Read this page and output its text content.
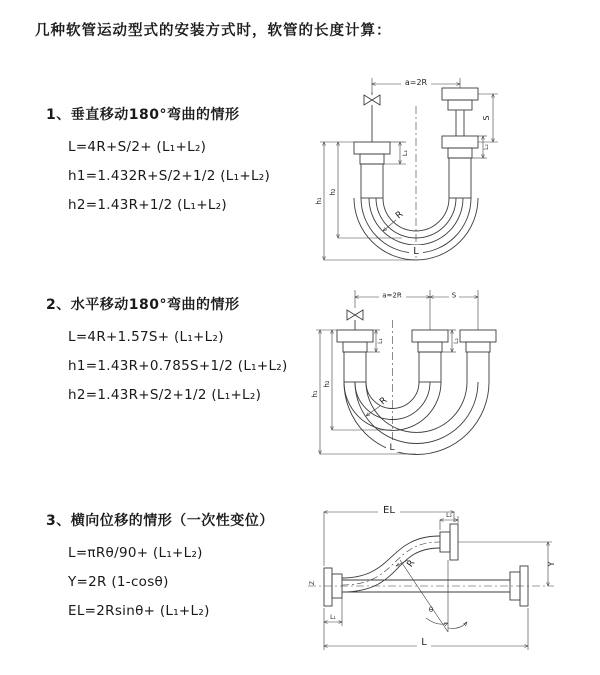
几种软管运动型式的安装方式时，软管的长度计算：

1、垂直移动180°弯曲的情形

L=4R+S/2+ (L₁+L₂)

h1=1.432R+S/2+1/2 (L₁+L₂)

h2=1.43R+1/2 (L₁+L₂)

2、水平移动180°弯曲的情形

L=4R+1.57S+ (L₁+L₂)

h1=1.43R+0.785S+1/2 (L₁+L₂)

h2=1.43R+S/2+1/2 (L₁+L₂)

3、横向位移的情形（一次性变位）

L=πRθ/90+ (L₁+L₂)

Y=2R (1-cosθ)

EL=2Rsinθ+ (L₁+L₂)

a=2R
R
L
h₁
h₂
L₁
S
L₂
a=2R	S
R
L
h₁
h₂
L₁	L₂
EL	L₂
Y
R
θ
L
L₁
Z
